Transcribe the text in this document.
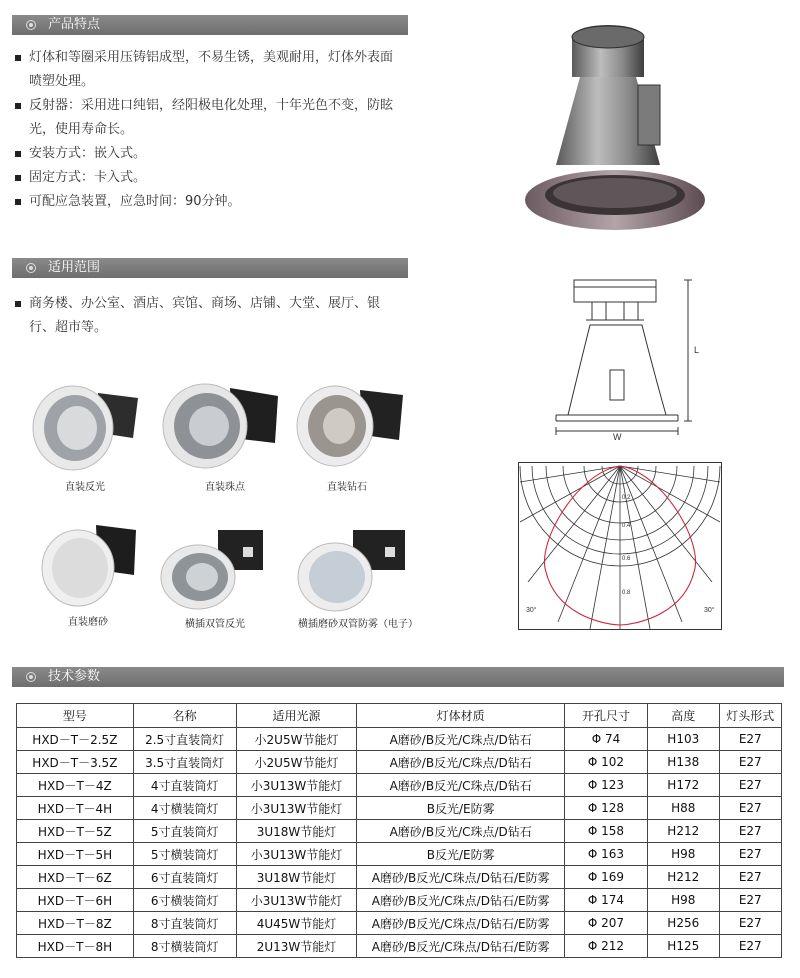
产品特点
灯体和等圈采用压铸铝成型，不易生锈，美观耐用，灯体外表面
喷塑处理。
反射器：采用进口纯铝，经阳极电化处理，十年光色不变，防眩
光，使用寿命长。
安装方式：嵌入式。
固定方式：卡入式。
可配应急装置，应急时间：90分钟。
适用范围
商务楼、办公室、酒店、宾馆、商场、店铺、大堂、展厅、银
行、超市等。
直装反光	直装珠点	直装钻石
直装磨砂	横插双管反光	横插磨砂双管防雾（电子）
L
W
0.2
0.4
0.6
0.8
30°	30°
技术参数
型号	名称	适用光源	灯体材质	开孔尺寸	高度	灯头形式
HXD－T－2.5Z	2.5寸直装筒灯	小2U5W节能灯	A磨砂/B反光/C珠点/D钻石	Φ 74	H103	E27
HXD－T－3.5Z	3.5寸直装筒灯	小2U5W节能灯	A磨砂/B反光/C珠点/D钻石	Φ 102	H138	E27
HXD－T－4Z	4寸直装筒灯	小3U13W节能灯	A磨砂/B反光/C珠点/D钻石	Φ 123	H172	E27
HXD－T－4H	4寸横装筒灯	小3U13W节能灯	B反光/E防雾	Φ 128	H88	E27
HXD－T－5Z	5寸直装筒灯	3U18W节能灯	A磨砂/B反光/C珠点/D钻石	Φ 158	H212	E27
HXD－T－5H	5寸横装筒灯	小3U13W节能灯	B反光/E防雾	Φ 163	H98	E27
HXD－T－6Z	6寸直装筒灯	3U18W节能灯	A磨砂/B反光/C珠点/D钻石/E防雾	Φ 169	H212	E27
HXD－T－6H	6寸横装筒灯	小3U13W节能灯	A磨砂/B反光/C珠点/D钻石/E防雾	Φ 174	H98	E27
HXD－T－8Z	8寸直装筒灯	4U45W节能灯	A磨砂/B反光/C珠点/D钻石/E防雾	Φ 207	H256	E27
HXD－T－8H	8寸横装筒灯	2U13W节能灯	A磨砂/B反光/C珠点/D钻石/E防雾	Φ 212	H125	E27
